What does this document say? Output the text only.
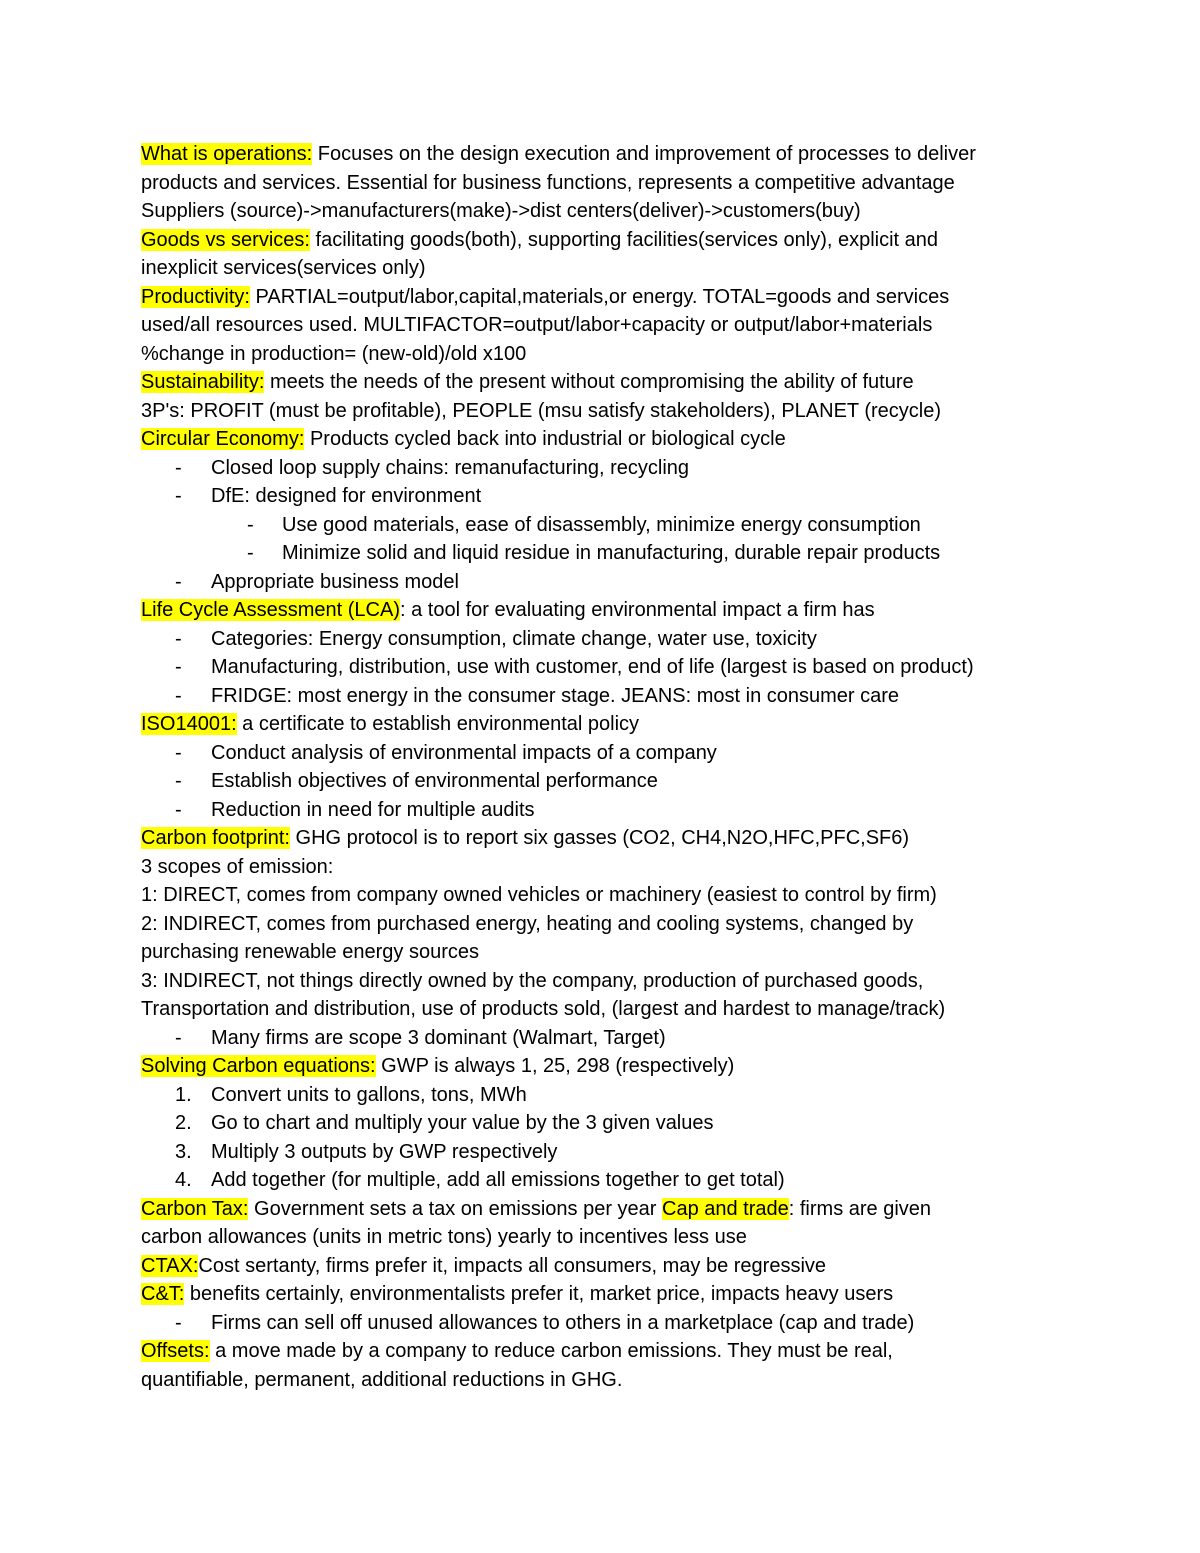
What is operations: Focuses on the design execution and improvement of processes to deliver
products and services. Essential for business functions, represents a competitive advantage
Suppliers (source)->manufacturers(make)->dist centers(deliver)->customers(buy)
Goods vs services: facilitating goods(both), supporting facilities(services only), explicit and
inexplicit services(services only)
Productivity: PARTIAL=output/labor,capital,materials,or energy. TOTAL=goods and services
used/all resources used. MULTIFACTOR=output/labor+capacity or output/labor+materials
%change in production= (new-old)/old x100
Sustainability: meets the needs of the present without compromising the ability of future
3P's: PROFIT (must be profitable), PEOPLE (msu satisfy stakeholders), PLANET (recycle)
Circular Economy: Products cycled back into industrial or biological cycle
- Closed loop supply chains: remanufacturing, recycling
- DfE: designed for environment
- Use good materials, ease of disassembly, minimize energy consumption
- Minimize solid and liquid residue in manufacturing, durable repair products
- Appropriate business model
Life Cycle Assessment (LCA): a tool for evaluating environmental impact a firm has
- Categories: Energy consumption, climate change, water use, toxicity
- Manufacturing, distribution, use with customer, end of life (largest is based on product)
- FRIDGE: most energy in the consumer stage. JEANS: most in consumer care
ISO14001: a certificate to establish environmental policy
- Conduct analysis of environmental impacts of a company
- Establish objectives of environmental performance
- Reduction in need for multiple audits
Carbon footprint: GHG protocol is to report six gasses (CO2, CH4,N2O,HFC,PFC,SF6)
3 scopes of emission:
1: DIRECT, comes from company owned vehicles or machinery (easiest to control by firm)
2: INDIRECT, comes from purchased energy, heating and cooling systems, changed by
purchasing renewable energy sources
3: INDIRECT, not things directly owned by the company, production of purchased goods,
Transportation and distribution, use of products sold, (largest and hardest to manage/track)
- Many firms are scope 3 dominant (Walmart, Target)
Solving Carbon equations: GWP is always 1, 25, 298 (respectively)
1. Convert units to gallons, tons, MWh
2. Go to chart and multiply your value by the 3 given values
3. Multiply 3 outputs by GWP respectively
4. Add together (for multiple, add all emissions together to get total)
Carbon Tax: Government sets a tax on emissions per year Cap and trade: firms are given
carbon allowances (units in metric tons) yearly to incentives less use
CTAX:Cost sertanty, firms prefer it, impacts all consumers, may be regressive
C&T: benefits certainly, environmentalists prefer it, market price, impacts heavy users
- Firms can sell off unused allowances to others in a marketplace (cap and trade)
Offsets: a move made by a company to reduce carbon emissions. They must be real,
quantifiable, permanent, additional reductions in GHG.
